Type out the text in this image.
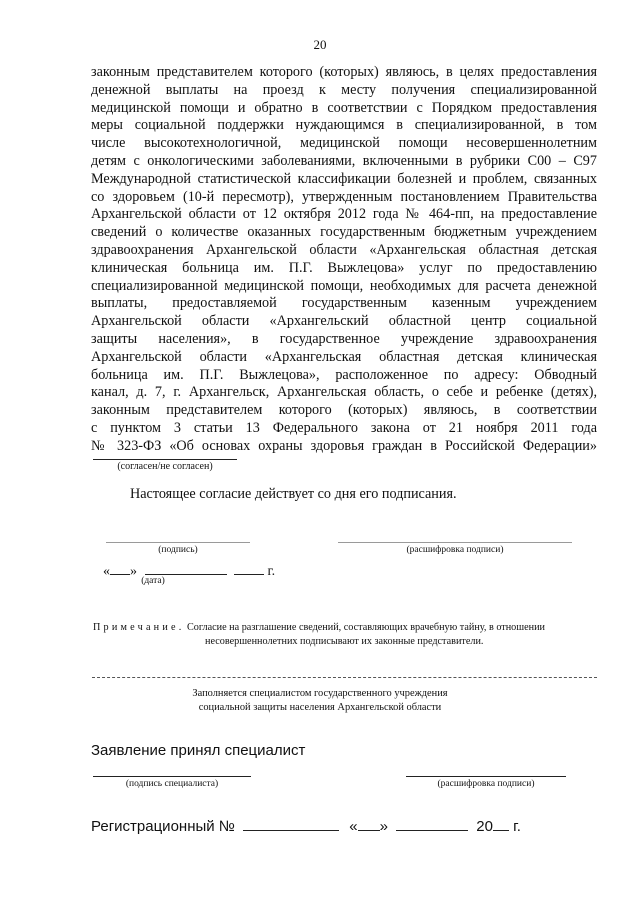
20
законным представителем которого (которых) являюсь, в целях предоставления
денежной выплаты на проезд к месту получения специализированной
медицинской помощи и обратно в соответствии с Порядком предоставления
меры социальной поддержки нуждающимся в специализированной, в том
числе высокотехнологичной, медицинской помощи несовершеннолетним
детям с онкологическими заболеваниями, включенными в рубрики С00 – С97
Международной статистической классификации болезней и проблем, связанных
со здоровьем (10-й пересмотр), утвержденным постановлением Правительства
Архангельской области от 12 октября 2012 года № 464-пп, на предоставление
сведений о количестве оказанных государственным бюджетным учреждением
здравоохранения Архангельской области «Архангельская областная детская
клиническая больница им. П.Г. Выжлецова» услуг по предоставлению
специализированной медицинской помощи, необходимых для расчета денежной
выплаты, предоставляемой государственным казенным учреждением
Архангельской области «Архангельский областной центр социальной
защиты населения», в государственное учреждение здравоохранения
Архангельской области «Архангельская областная детская клиническая
больница им. П.Г. Выжлецова», расположенное по адресу: Обводный
канал, д. 7, г. Архангельск, Архангельская область, о себе и ребенке (детях),
законным представителем которого (которых) являюсь, в соответствии
с пунктом 3 статьи 13 Федерального закона от 21 ноября 2011 года
№ 323-ФЗ «Об основах охраны здоровья граждан в Российской Федерации»
(согласен/не согласен)
Настоящее согласие действует со дня его подписания.
(подпись)	(расшифровка подписи)
« »	г.
(дата)
Примечание. Согласие на разглашение сведений, составляющих врачебную тайну, в отношении
несовершеннолетних подписывают их законные представители.
Заполняется специалистом государственного учреждения
социальной защиты населения Архангельской области
Заявление принял специалист
(подпись специалиста)	(расшифровка подписи)
Регистрационный №	« »	20 г.
